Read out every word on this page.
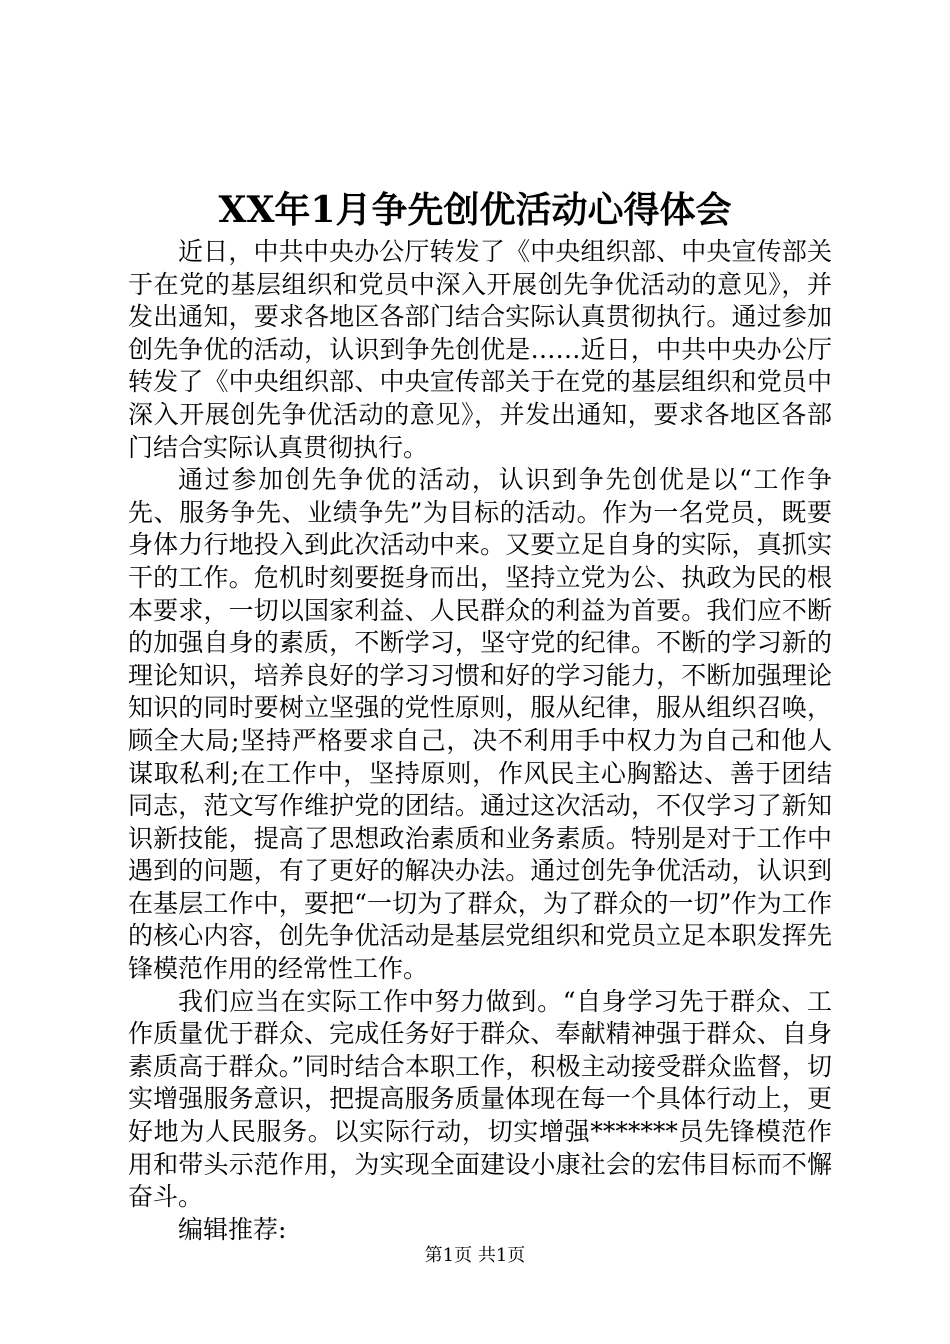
XX年1月争先创优活动心得体会

近日，中共中央办公厅转发了《中央组织部、中央宣传部关于在党的基层组织和党员中深入开展创先争优活动的意见》，并发出通知，要求各地区各部门结合实际认真贯彻执行。通过参加创先争优的活动，认识到争先创优是……近日，中共中央办公厅转发了《中央组织部、中央宣传部关于在党的基层组织和党员中深入开展创先争优活动的意见》，并发出通知，要求各地区各部门结合实际认真贯彻执行。

通过参加创先争优的活动，认识到争先创优是以“工作争先、服务争先、业绩争先”为目标的活动。作为一名党员，既要身体力行地投入到此次活动中来。又要立足自身的实际，真抓实干的工作。危机时刻要挺身而出，坚持立党为公、执政为民的根本要求，一切以国家利益、人民群众的利益为首要。我们应不断的加强自身的素质，不断学习，坚守党的纪律。不断的学习新的理论知识，培养良好的学习习惯和好的学习能力，不断加强理论知识的同时要树立坚强的党性原则，服从纪律，服从组织召唤，顾全大局;坚持严格要求自己，决不利用手中权力为自己和他人谋取私利;在工作中，坚持原则，作风民主心胸豁达、善于团结同志，范文写作维护党的团结。通过这次活动，不仅学习了新知识新技能，提高了思想政治素质和业务素质。特别是对于工作中遇到的问题，有了更好的解决办法。通过创先争优活动，认识到在基层工作中，要把“一切为了群众，为了群众的一切”作为工作的核心内容，创先争优活动是基层党组织和党员立足本职发挥先锋模范作用的经常性工作。

我们应当在实际工作中努力做到。“自身学习先于群众、工作质量优于群众、完成任务好于群众、奉献精神强于群众、自身素质高于群众。”同时结合本职工作，积极主动接受群众监督，切实增强服务意识，把提高服务质量体现在每一个具体行动上，更好地为人民服务。以实际行动，切实增强*******员先锋模范作用和带头示范作用，为实现全面建设小康社会的宏伟目标而不懈奋斗。

编辑推荐:

第1页 共1页
